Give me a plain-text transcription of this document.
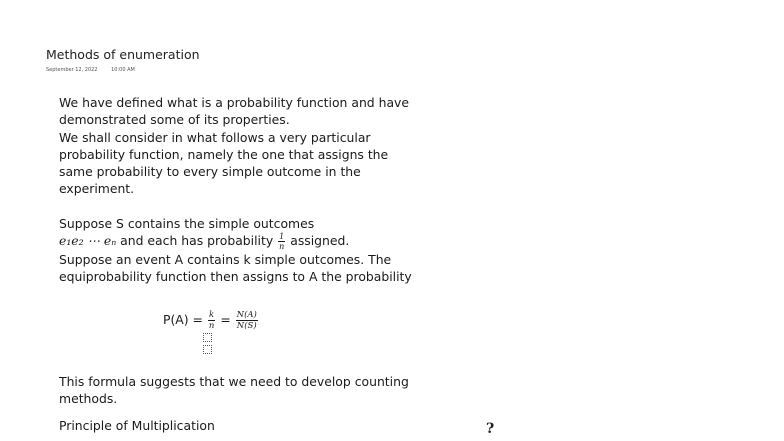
Methods of enumeration
September 12, 2022	10:00 AM

We have defined what is a probability function and have

demonstrated some of its properties.

We shall consider in what follows a very particular

probability function, namely the one that assigns the

same probability to every simple outcome in the

experiment.

Suppose S contains the simple outcomes

e₁e₂ ⋯ eₙ and each has probability $\frac{1}{n}$ assigned.

Suppose an event A contains k simple outcomes. The

equiprobability function then assigns to A the probability

$P(A) = \frac{k}{n} = \frac{N(A)}{N(S)}$

This formula suggests that we need to develop counting

methods.

Principle of Multiplication	?
